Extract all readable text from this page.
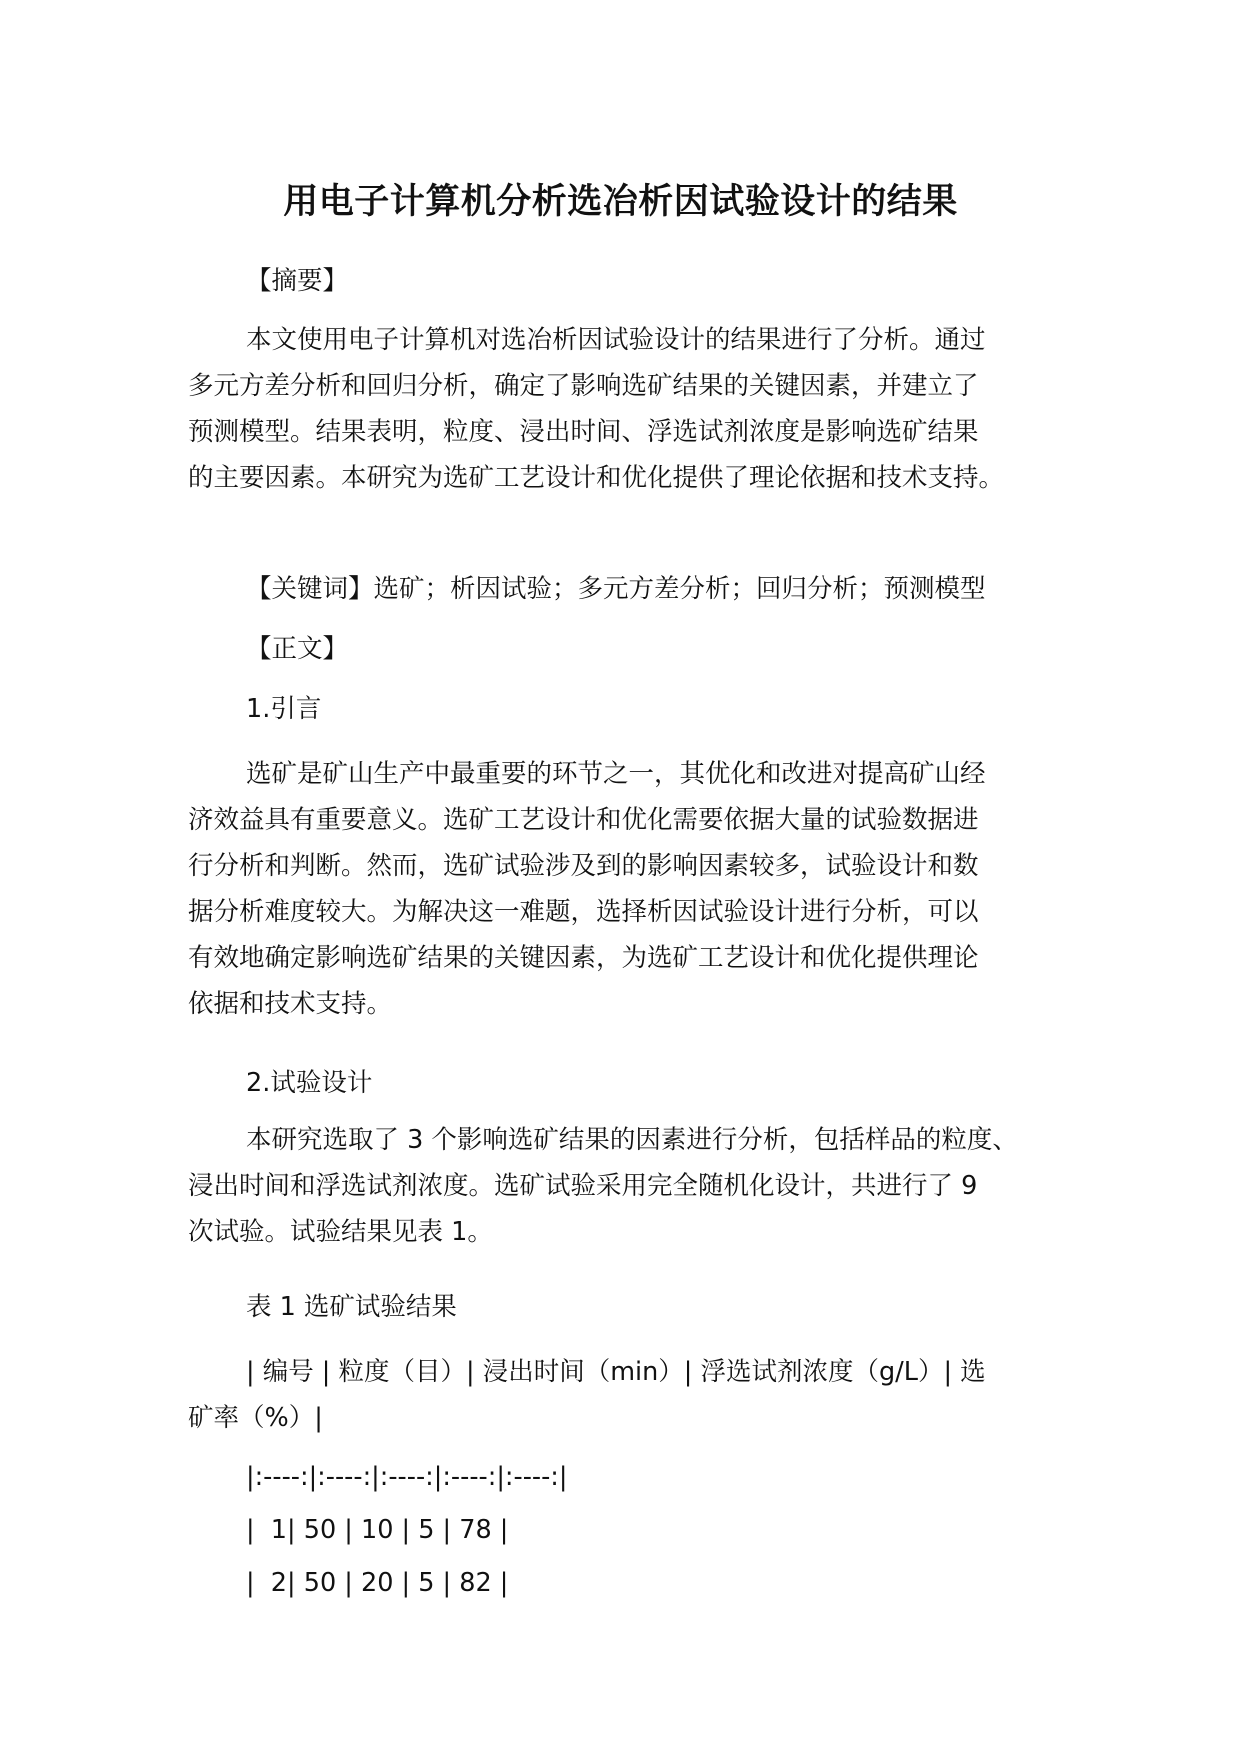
用电子计算机分析选冶析因试验设计的结果

【摘要】

本文使用电子计算机对选冶析因试验设计的结果进行了分析。通过
多元方差分析和回归分析，确定了影响选矿结果的关键因素，并建立了
预测模型。结果表明，粒度、浸出时间、浮选试剂浓度是影响选矿结果
的主要因素。本研究为选矿工艺设计和优化提供了理论依据和技术支持。

【关键词】选矿；析因试验；多元方差分析；回归分析；预测模型

【正文】

1.引言

选矿是矿山生产中最重要的环节之一，其优化和改进对提高矿山经
济效益具有重要意义。选矿工艺设计和优化需要依据大量的试验数据进
行分析和判断。然而，选矿试验涉及到的影响因素较多，试验设计和数
据分析难度较大。为解决这一难题，选择析因试验设计进行分析，可以
有效地确定影响选矿结果的关键因素，为选矿工艺设计和优化提供理论
依据和技术支持。

2.试验设计

本研究选取了 3 个影响选矿结果的因素进行分析，包括样品的粒度、
浸出时间和浮选试剂浓度。选矿试验采用完全随机化设计，共进行了 9
次试验。试验结果见表 1。

表 1 选矿试验结果

| 编号 | 粒度（目）| 浸出时间（min）| 浮选试剂浓度（g/L）| 选
矿率（%）|

|:----:|:----:|:----:|:----:|:----:|

|  1| 50 | 10 | 5 | 78 |

|  2| 50 | 20 | 5 | 82 |
